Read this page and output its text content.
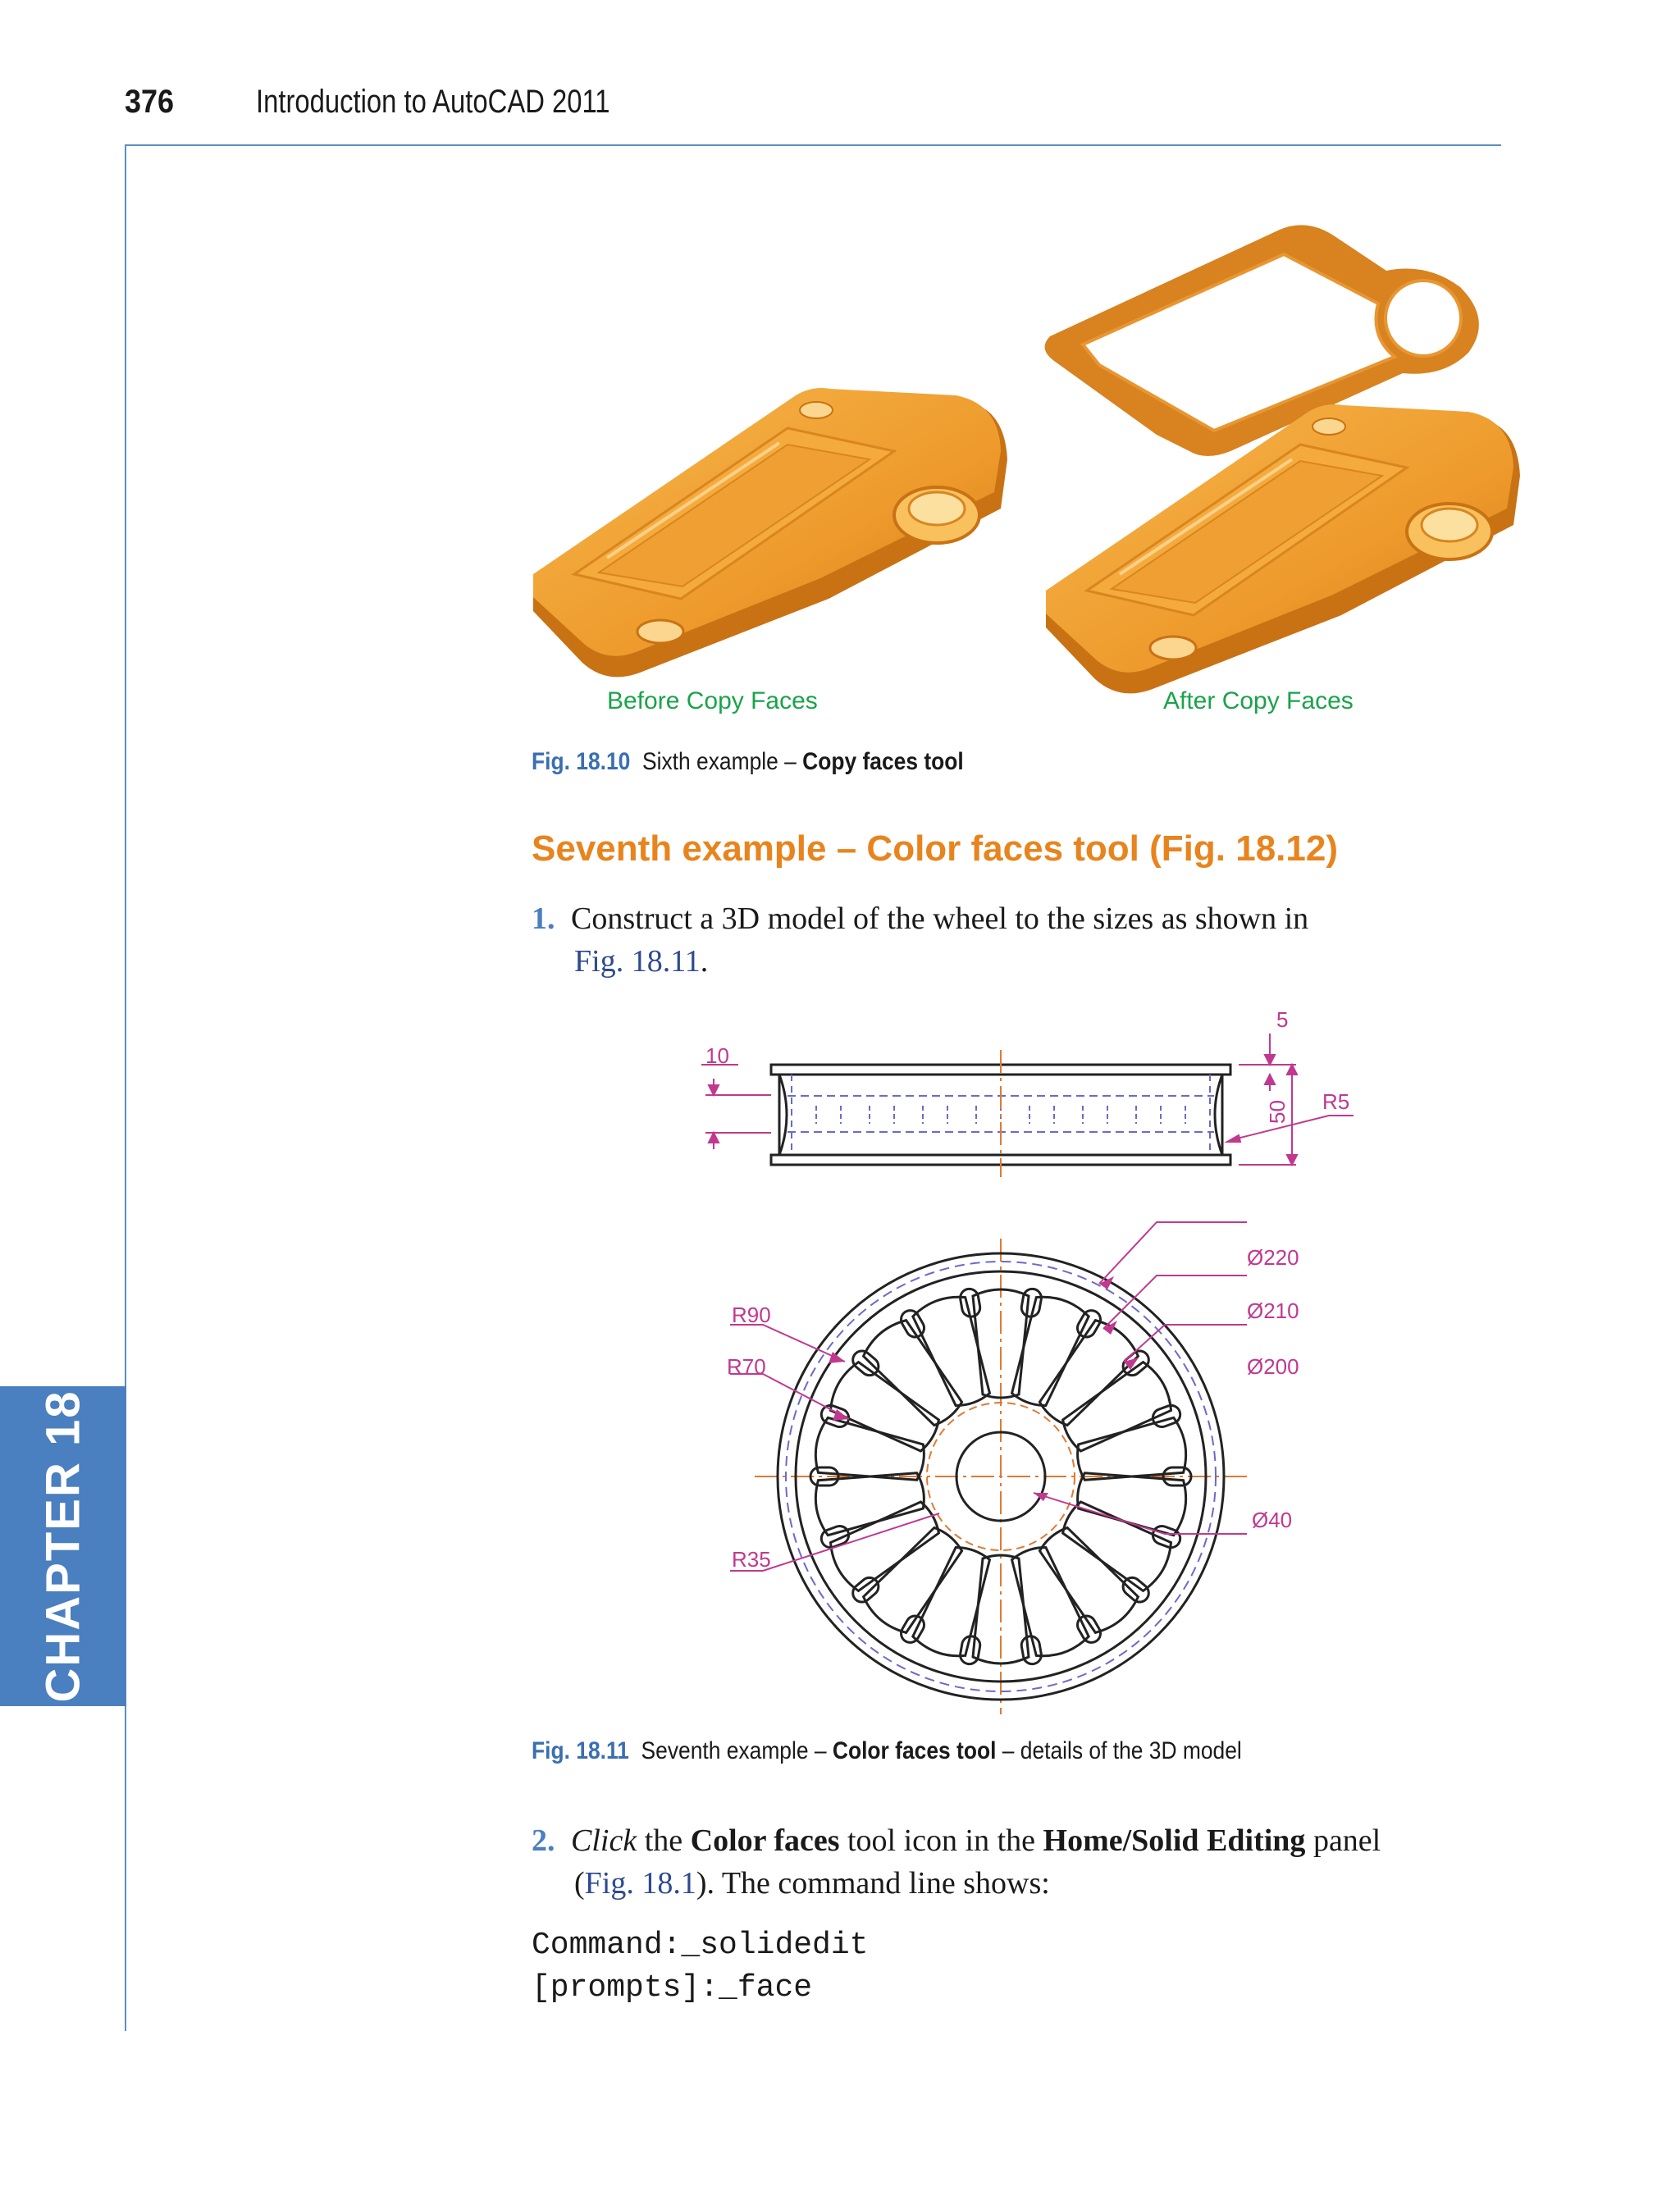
376 Introduction to AutoCAD 2011
CHAPTER 18
Before Copy Faces	After Copy Faces
Fig. 18.10 Sixth example – Copy faces tool
Seventh example – Color faces tool (Fig. 18.12)
1. Construct a 3D model of the wheel to the sizes as shown in
Fig. 18.11.
10
5
50 R5
Ø220
Ø210
Ø200
Ø40
R90
R70
R35
Fig. 18.11 Seventh example – Color faces tool – details of the 3D model
2. Click the Color faces tool icon in the Home/Solid Editing panel
(Fig. 18.1). The command line shows:
Command:_solidedit
[prompts]:_face
